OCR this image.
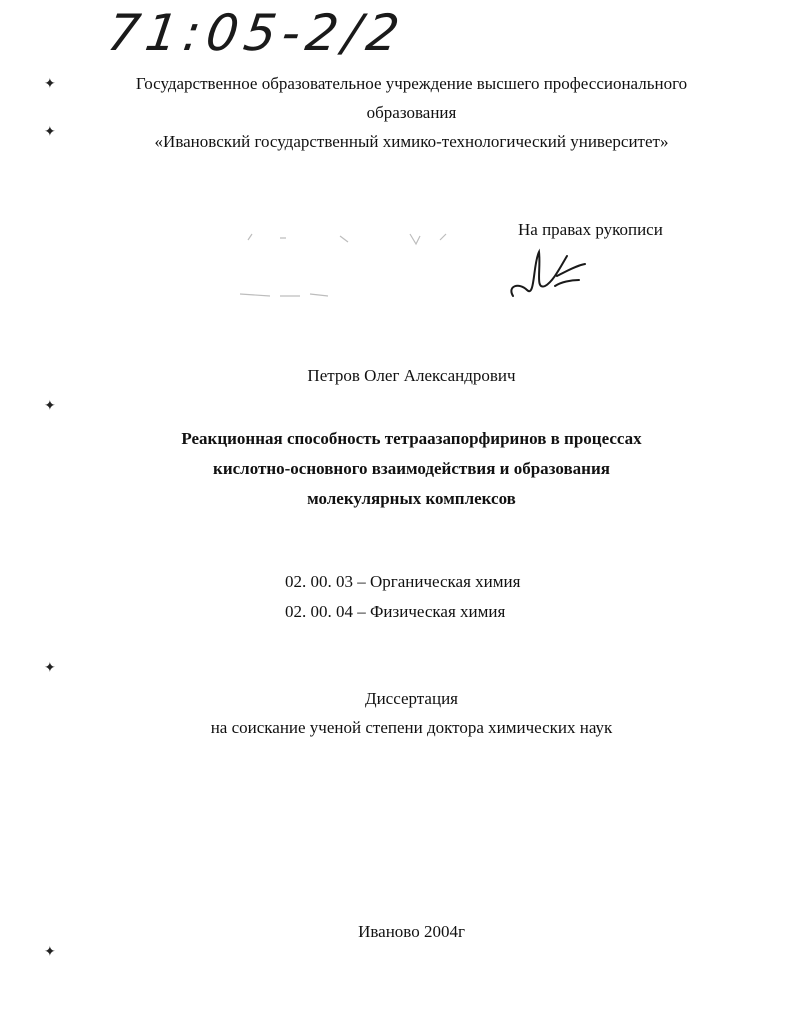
71:05-2/2
Государственное образовательное учреждение высшего профессионального
образования
«Ивановский государственный химико-технологический университет»
На правах рукописи
Петров Олег Александрович
Реакционная способность тетраазапорфиринов в процессах
кислотно-основного взаимодействия и образования
молекулярных комплексов
02. 00. 03 – Органическая химия
02. 00. 04 – Физическая химия
Диссертация
на соискание ученой степени доктора химических наук
Иваново 2004г
✦
✦
✦
✦
✦
